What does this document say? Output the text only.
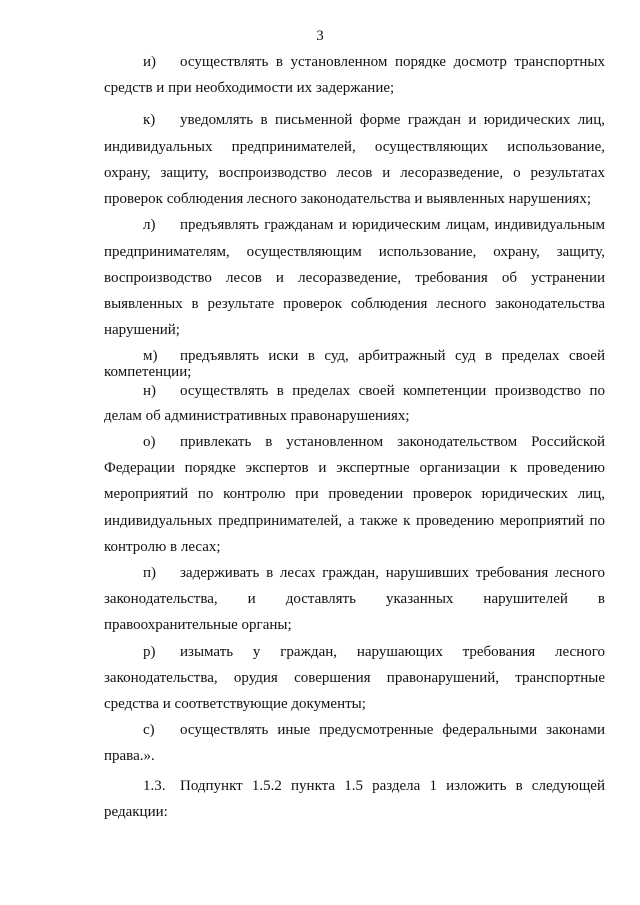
3
и) осуществлять в установленном порядке досмотр транспортных
средств и при необходимости их задержание;
к) уведомлять в письменной форме граждан и юридических лиц,
индивидуальных предпринимателей, осуществляющих использование,
охрану, защиту, воспроизводство лесов и лесоразведение, о результатах
проверок соблюдения лесного законодательства и выявленных нарушениях;
л) предъявлять гражданам и юридическим лицам, индивидуальным
предпринимателям, осуществляющим использование, охрану, защиту,
воспроизводство лесов и лесоразведение, требования об устранении
выявленных в результате проверок соблюдения лесного законодательства
нарушений;
м) предъявлять иски в суд, арбитражный суд в пределах своей
компетенции;
н) осуществлять в пределах своей компетенции производство по
делам об административных правонарушениях;
о) привлекать в установленном законодательством Российской
Федерации порядке экспертов и экспертные организации к проведению
мероприятий по контролю при проведении проверок юридических лиц,
индивидуальных предпринимателей, а также к проведению мероприятий по
контролю в лесах;
п) задерживать в лесах граждан, нарушивших требования лесного
законодательства, и доставлять указанных нарушителей в
правоохранительные органы;
р) изымать у граждан, нарушающих требования лесного
законодательства, орудия совершения правонарушений, транспортные
средства и соответствующие документы;
с) осуществлять иные предусмотренные федеральными законами
права.».
1.3. Подпункт 1.5.2 пункта 1.5 раздела 1 изложить в следующей
редакции:
